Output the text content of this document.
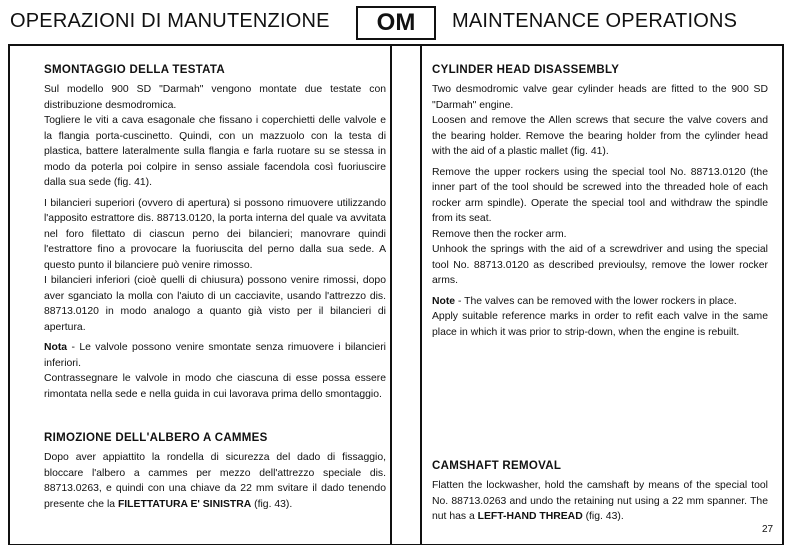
OPERAZIONI DI MANUTENZIONE	OM	MAINTENANCE OPERATIONS
SMONTAGGIO DELLA TESTATA

Sul modello 900 SD "Darmah" vengono montate due testate con distribuzione desmodromica.

Togliere le viti a cava esagonale che fissano i coperchietti delle valvole e la flangia porta-cuscinetto. Quindi, con un mazzuolo con la testa di plastica, battere lateralmente sulla flangia e farla ruotare su se stessa in modo da poterla poi colpire in senso assiale facendola così fuoriuscire dalla sua sede (fig. 41).

I bilancieri superiori (ovvero di apertura) si possono rimuovere utilizzando l'apposito estrattore dis. 88713.0120, la porta interna del quale va avvitata nel foro filettato di ciascun perno dei bilancieri; manovrare quindi l'estrattore fino a provocare la fuoriuscita del perno dalla sua sede. A questo punto il bilanciere può venire rimosso.

I bilancieri inferiori (cioè quelli di chiusura) possono venire rimossi, dopo aver sganciato la molla con l'aiuto di un cacciavite, usando l'attrezzo dis. 88713.0120 in modo analogo a quanto già visto per il bilancieri di apertura.

Nota - Le valvole possono venire smontate senza rimuovere i bilancieri inferiori.

Contrassegnare le valvole in modo che ciascuna di esse possa essere rimontata nella sede e nella guida in cui lavorava prima dello smontaggio.

RIMOZIONE DELL'ALBERO A CAMMES

Dopo aver appiattito la rondella di sicurezza del dado di fissaggio, bloccare l'albero a cammes per mezzo dell'attrezzo speciale dis. 88713.0263, e quindi con una chiave da 22 mm svitare il dado tenendo presente che la FILETTATURA E' SINISTRA (fig. 43).

CYLINDER HEAD DISASSEMBLY

Two desmodromic valve gear cylinder heads are fitted to the 900 SD "Darmah" engine.

Loosen and remove the Allen screws that secure the valve covers and the bearing holder. Remove the bearing holder from the cylinder head with the aid of a plastic mallet (fig. 41).

Remove the upper rockers using the special tool No. 88713.0120 (the inner part of the tool should be screwed into the threaded hole of each rocker arm spindle). Operate the special tool and withdraw the spindle from its seat.

Remove then the rocker arm.

Unhook the springs with the aid of a screwdriver and using the special tool No. 88713.0120 as described previoulsy, remove the lower rocker arms.

Note - The valves can be removed with the lower rockers in place.

Apply suitable reference marks in order to refit each valve in the same place in which it was prior to strip-down, when the engine is rebuilt.

CAMSHAFT REMOVAL

Flatten the lockwasher, hold the camshaft by means of the special tool No. 88713.0263 and undo the retaining nut using a 22 mm spanner. The nut has a LEFT-HAND THREAD (fig. 43).

27
